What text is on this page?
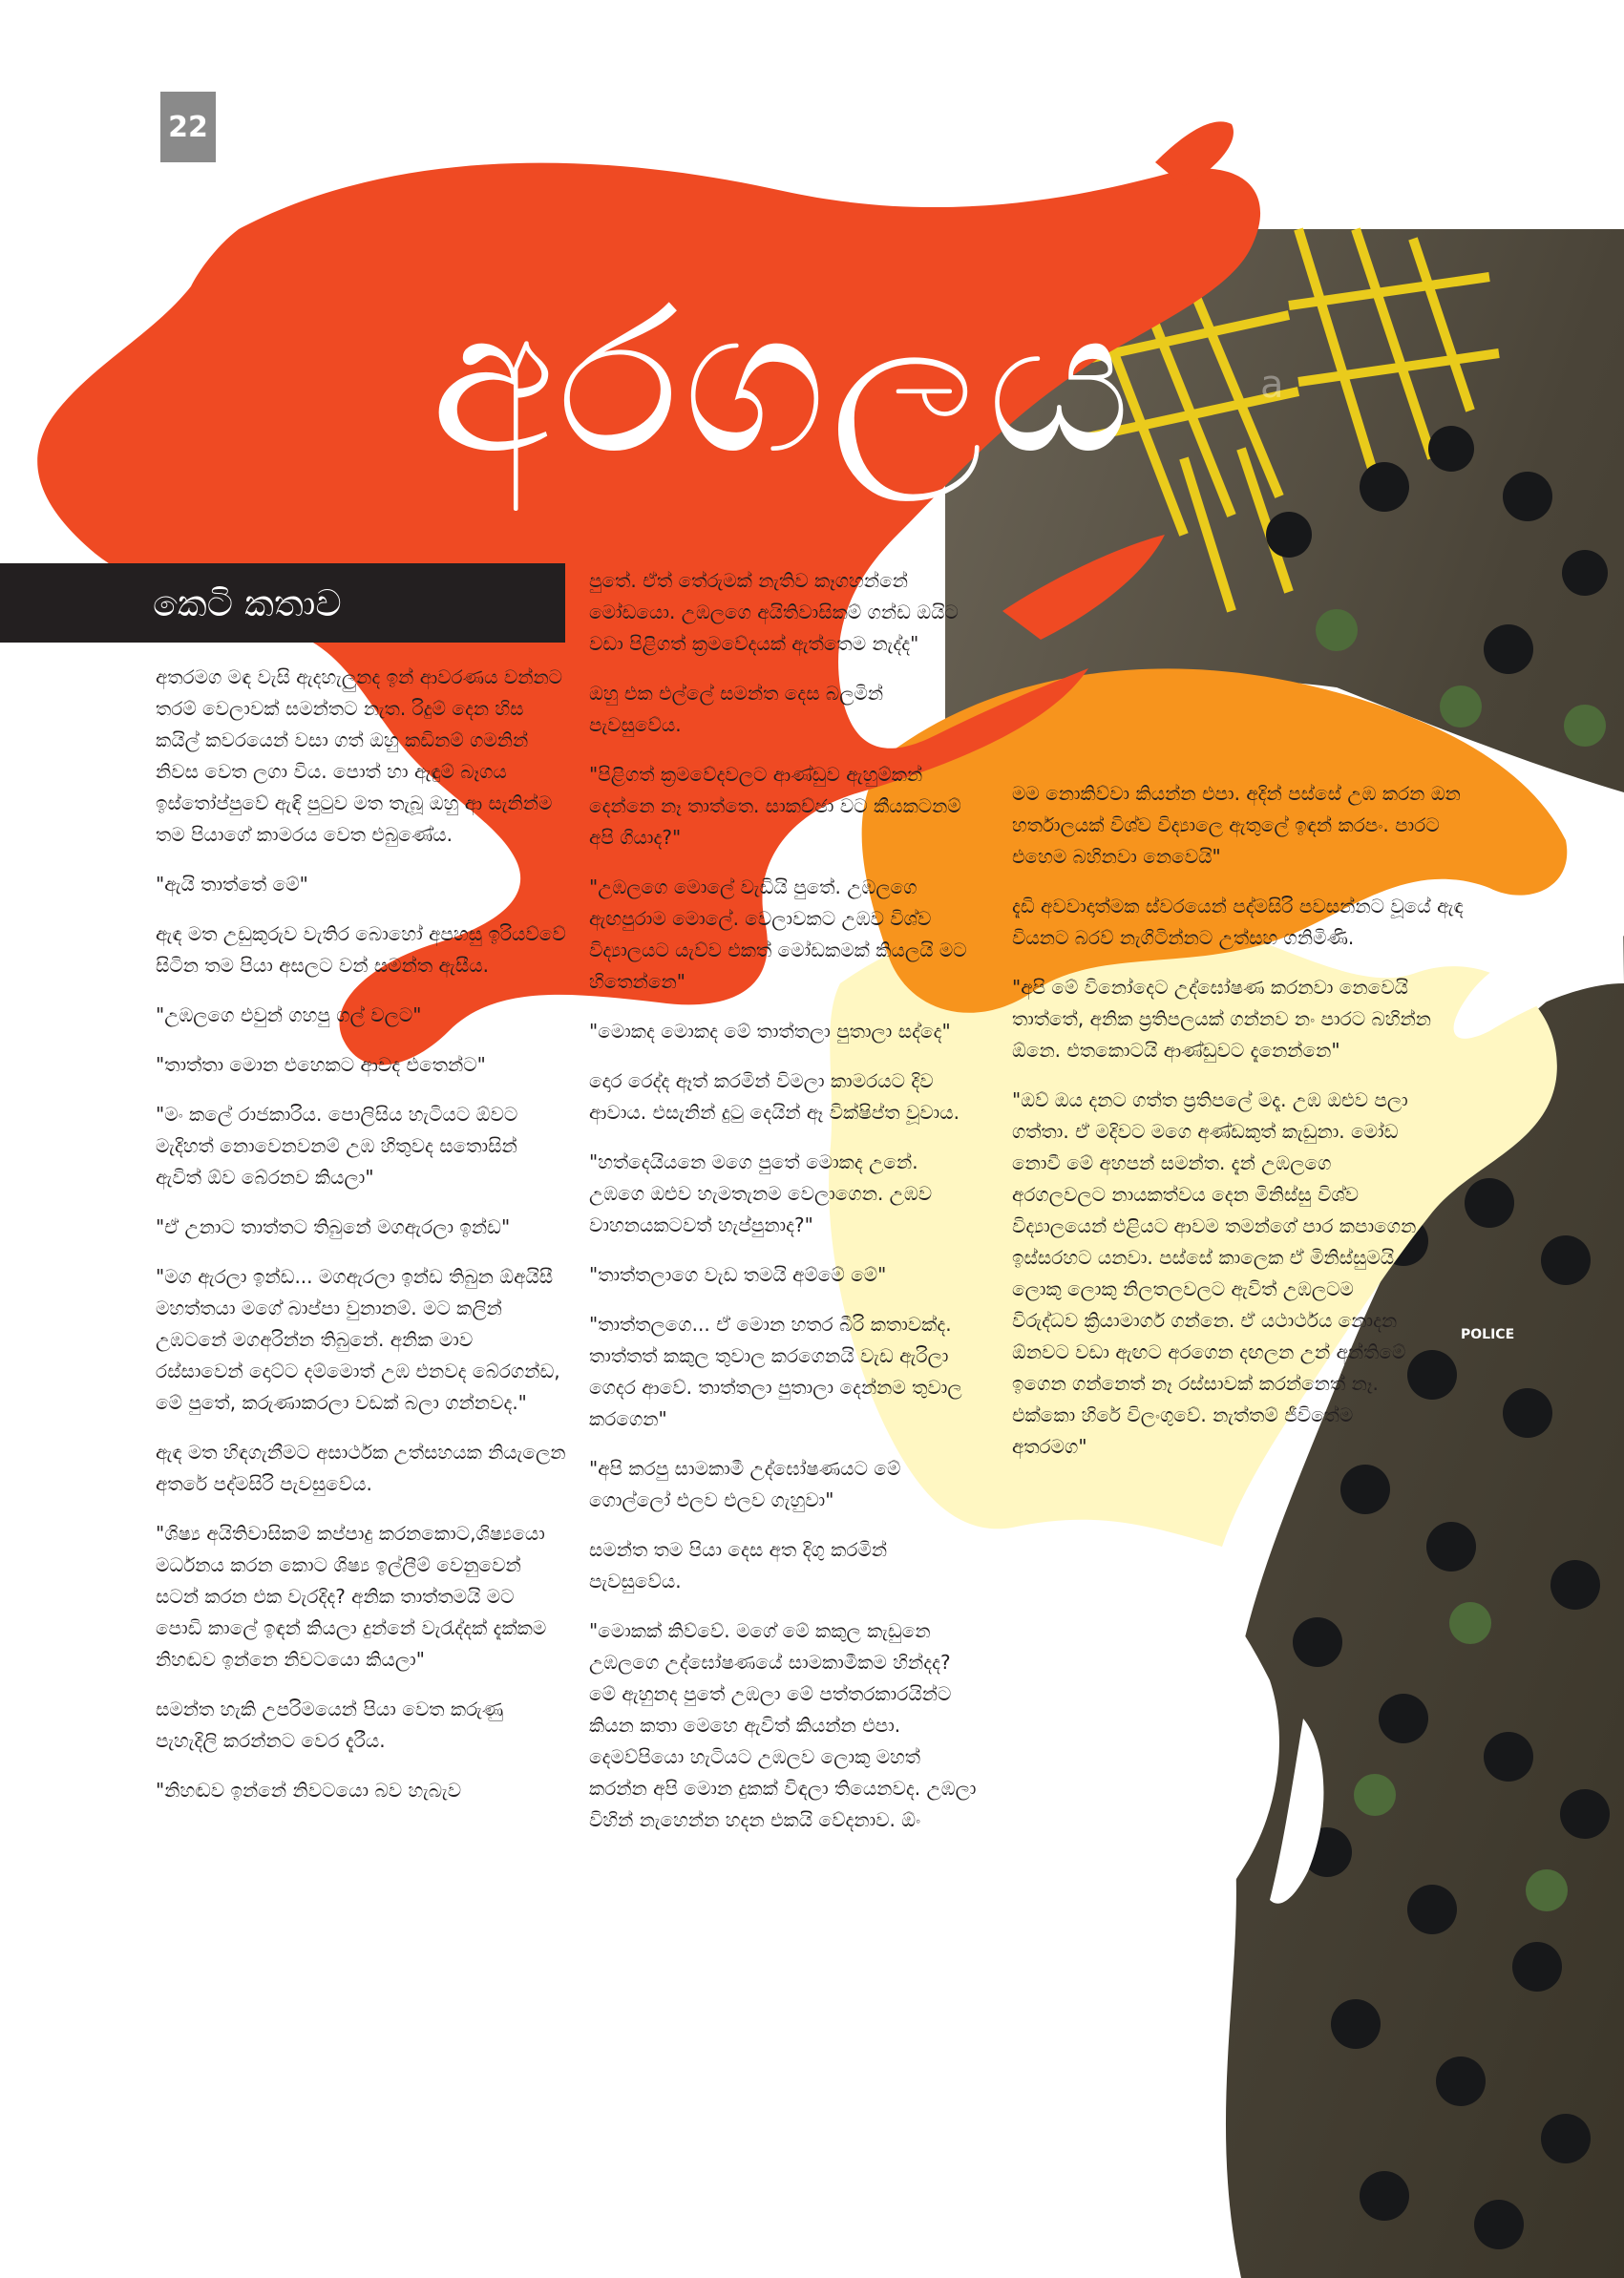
අරගලය
22
කෙටි කතාව

අතරමග මඳ වැසි ඇදහැලුනද ඉන් ආවරණය වන්නට තරම් වෙලාවක් සමන්තට නැත. රිදුම් දෙන හිස කයිල් කවරයෙන් වසා ගත් ඔහු කඩිනම් ගමනින් නිවස වෙත ලගා විය. පොත් හා ඇඳුම් බෑගය ඉස්තෝප්පුවේ ඇඳි පුටුව මත තැබූ ඔහු ආ සැනින්ම තම පියාගේ කාමරය වෙත එබුණේය.

"ඇයි තාත්තේ මේ"

ඇඳ මත උඩුකුරුව වැතිර බොහෝ අපහසු ඉරියව්වේ සිටින තම පියා අසලට වන් සමන්ත ඇසීය.

"උඹලගෙ එවුන් ගහපු ගල් වලට"

"තාත්තා මොන එහෙකට ආවද එතෙන්ට"

"මං කලේ රාජකාරිය. පොලිසිය හැටියට ඕවට මැදිහත් නොවෙනවනම් උඹ හිතුවද සතොසින් ඇවිත් ඕව බේරනව කියලා"

"ඒ උනාට තාත්තට තිබුනේ මගඇරලා ඉන්ඩ"

"මග ඇරලා ඉන්ඩ... මගඇරලා ඉන්ඩ තිබුන ඕඅයිසී මහත්තයා මගේ බාප්පා වුනානම්. මට කලින් උඹටනේ මගඅරින්න තිබුනේ. අනික මාව රස්සාවෙන් දොට්ට දම්මොත් උඹ එනවද බේරගන්ඩ, මේ පුතේ, කරුණාකරලා වඩක් බලා ගන්නවද."

ඇඳ මත හිඳගැනීමට අසාර්ථක උත්සහයක නියැලෙන අතරේ පද්මසිරි පැවසුවේය.

"ශිෂ්‍ය අයිතිවාසිකම් කප්පාදු කරනකොට,ශිෂ්‍යයො මර්ධනය කරන කොට ශිෂ්‍ය ඉල්ලීම් වෙනුවෙන් සටන් කරන එක වැරදිද? අනික තාත්තමයි මට පොඩි කාලේ ඉඳන් කියලා දුන්නේ වැරැද්දක් දැක්කම නිහඬව ඉන්නෙ නිවටයො කියලා"

සමන්ත හැකි උපරිමයෙන් පියා වෙත කරුණු පැහැදිලි කරන්නට වෙර දැරීය.

"නිහඬව ඉන්නේ නිවටයො බව හැබැව

පුතේ. ඒත් තේරුමක් නැතිව කෑගහන්නේ මෝඩයො. උඹලගෙ අයිතිවාසිකම් ගන්ඩ ඔයිට වඩා පිළිගත් ක්‍රමවේදයක් ඇත්තෙම නැද්ද"

ඔහු එක එල්ලේ සමන්ත දෙස බලමින් පැවසුවේය.

"පිළිගත් ක්‍රමවේදවලට ආණ්ඩුව ඇහුම්කන් දෙන්නෙ නෑ තාත්තෙ. සාකච්ඡා වට කීයකටනම් අපි ගියාද?"

"උඹලගෙ මොලේ වැඩියි පුතේ. උඹලගෙ ඇඟපුරාම මොලේ. වෙලාවකට උඹව විශ්ව විද්‍යාලයට යැව්ව එකත් මෝඩකමක් කියලයි මට හිතෙන්නෙ"

"මොකද මොකද මේ තාත්තලා පුතාලා සද්දෙ"

දොර රෙද්ද ඈත් කරමින් විමලා කාමරයට දිව ආවාය. එසැනින් දුටු දෙයින් ඈ වික්ෂිප්ත වූවාය.

"හත්දෙයියනෙ මගෙ පුතේ මොකද උනේ. උඹගෙ ඔළුව හැමතැනම වෙලාගෙන. උඹව වාහනයකටවත් හැප්පුනාද?"

"තාත්තලාගෙ වැඩ තමයි අම්මේ මේ"

"තාත්තලගෙ... ඒ මොන හතර බීරි කතාවක්ද. තාත්තත් කකුල තුවාල කරගෙනයි වැඩ ඇරිලා ගෙදර ආවේ. තාත්තලා පුතාලා දෙන්නම තුවාල කරගෙන"

"අපි කරපු සාමකාමී උද්ඝෝෂණයට මේ ගොල්ලෝ එලව එලව ගැහුවා"

සමන්ත තම පියා දෙස අත දිගු කරමින් පැවසුවේය.

"මොකක් කිව්වේ. මගේ මේ කකුල කැඩුනෙ උඹලගෙ උද්ඝෝෂණයේ සාමකාමීකම හින්දද? මේ ඇහුනද පුතේ උඹලා මේ පත්තරකාරයින්ට කියන කතා මෙහෙ ඇවිත් කියන්න එපා. දෙමව්පියො හැටියට උඹලව ලොකු මහත් කරන්න අපි මොන දුකක් විඳලා තියෙනවද. උඹලා විහින් නැහෙන්න හදන එකයි වේදනාව. ඕං

මම නොකිව්වා කියන්න එපා. අදින් පස්සේ උඹ කරන ඔන හර්තාලයක් විශ්ව විද්‍යාලෙ ඇතුලේ ඉඳන් කරපං. පාරට එහෙම බහිනවා නෙවෙයි"

දැඩි අවවාදාත්මක ස්වරයෙන් පද්මසිරි පවසන්නට වූයේ ඇඳ වියනට බරව් නැගිටින්නට උත්සහ ගනිමිණි.

"අපි මේ විනෝදෙට උද්ඝෝෂණ කරනවා නෙවෙයි තාත්තේ, අනික ප්‍රතිපලයක් ගන්නව නං පාරට බහින්න ඕනෙ. එතකොටයි ආණ්ඩුවට දැනෙන්නෙ"

"ඔව් ඔය දනට ගත්ත ප්‍රතිපලේ මදෑ. උඹ ඔළුව පලා ගත්තා. ඒ මදිවට මගෙ අණ්ඩකුත් කැඩුනා. මෝඩ නොවී මේ අහපන් සමන්ත. දැන් උඹලගෙ අරගලවලට නායකත්වය දෙන මිනිස්සු විශ්ව විද්‍යාලයෙන් එළියට ආවම තමන්ගේ පාර කපාගෙන ඉස්සරහට යනවා. පස්සේ කාලෙක ඒ මිනිස්සුමයි ලොකු ලොකු නිලතලවලට ඇවිත් උඹලටම විරුද්ධව ක්‍රියාමාර්ග ගන්නෙ. ඒ යථාර්ථය නොදන ඕනවට වඩා ඇඟට අරගෙන දඟලන උන් අන්තිමේ ඉගෙන ගන්නෙත් නෑ රස්සාවක් කරන්නෙත් නෑ. එක්කො හිරේ විලංගුවේ. නැත්තම් ජීවිතේම අතරමග"

a
POLICE
